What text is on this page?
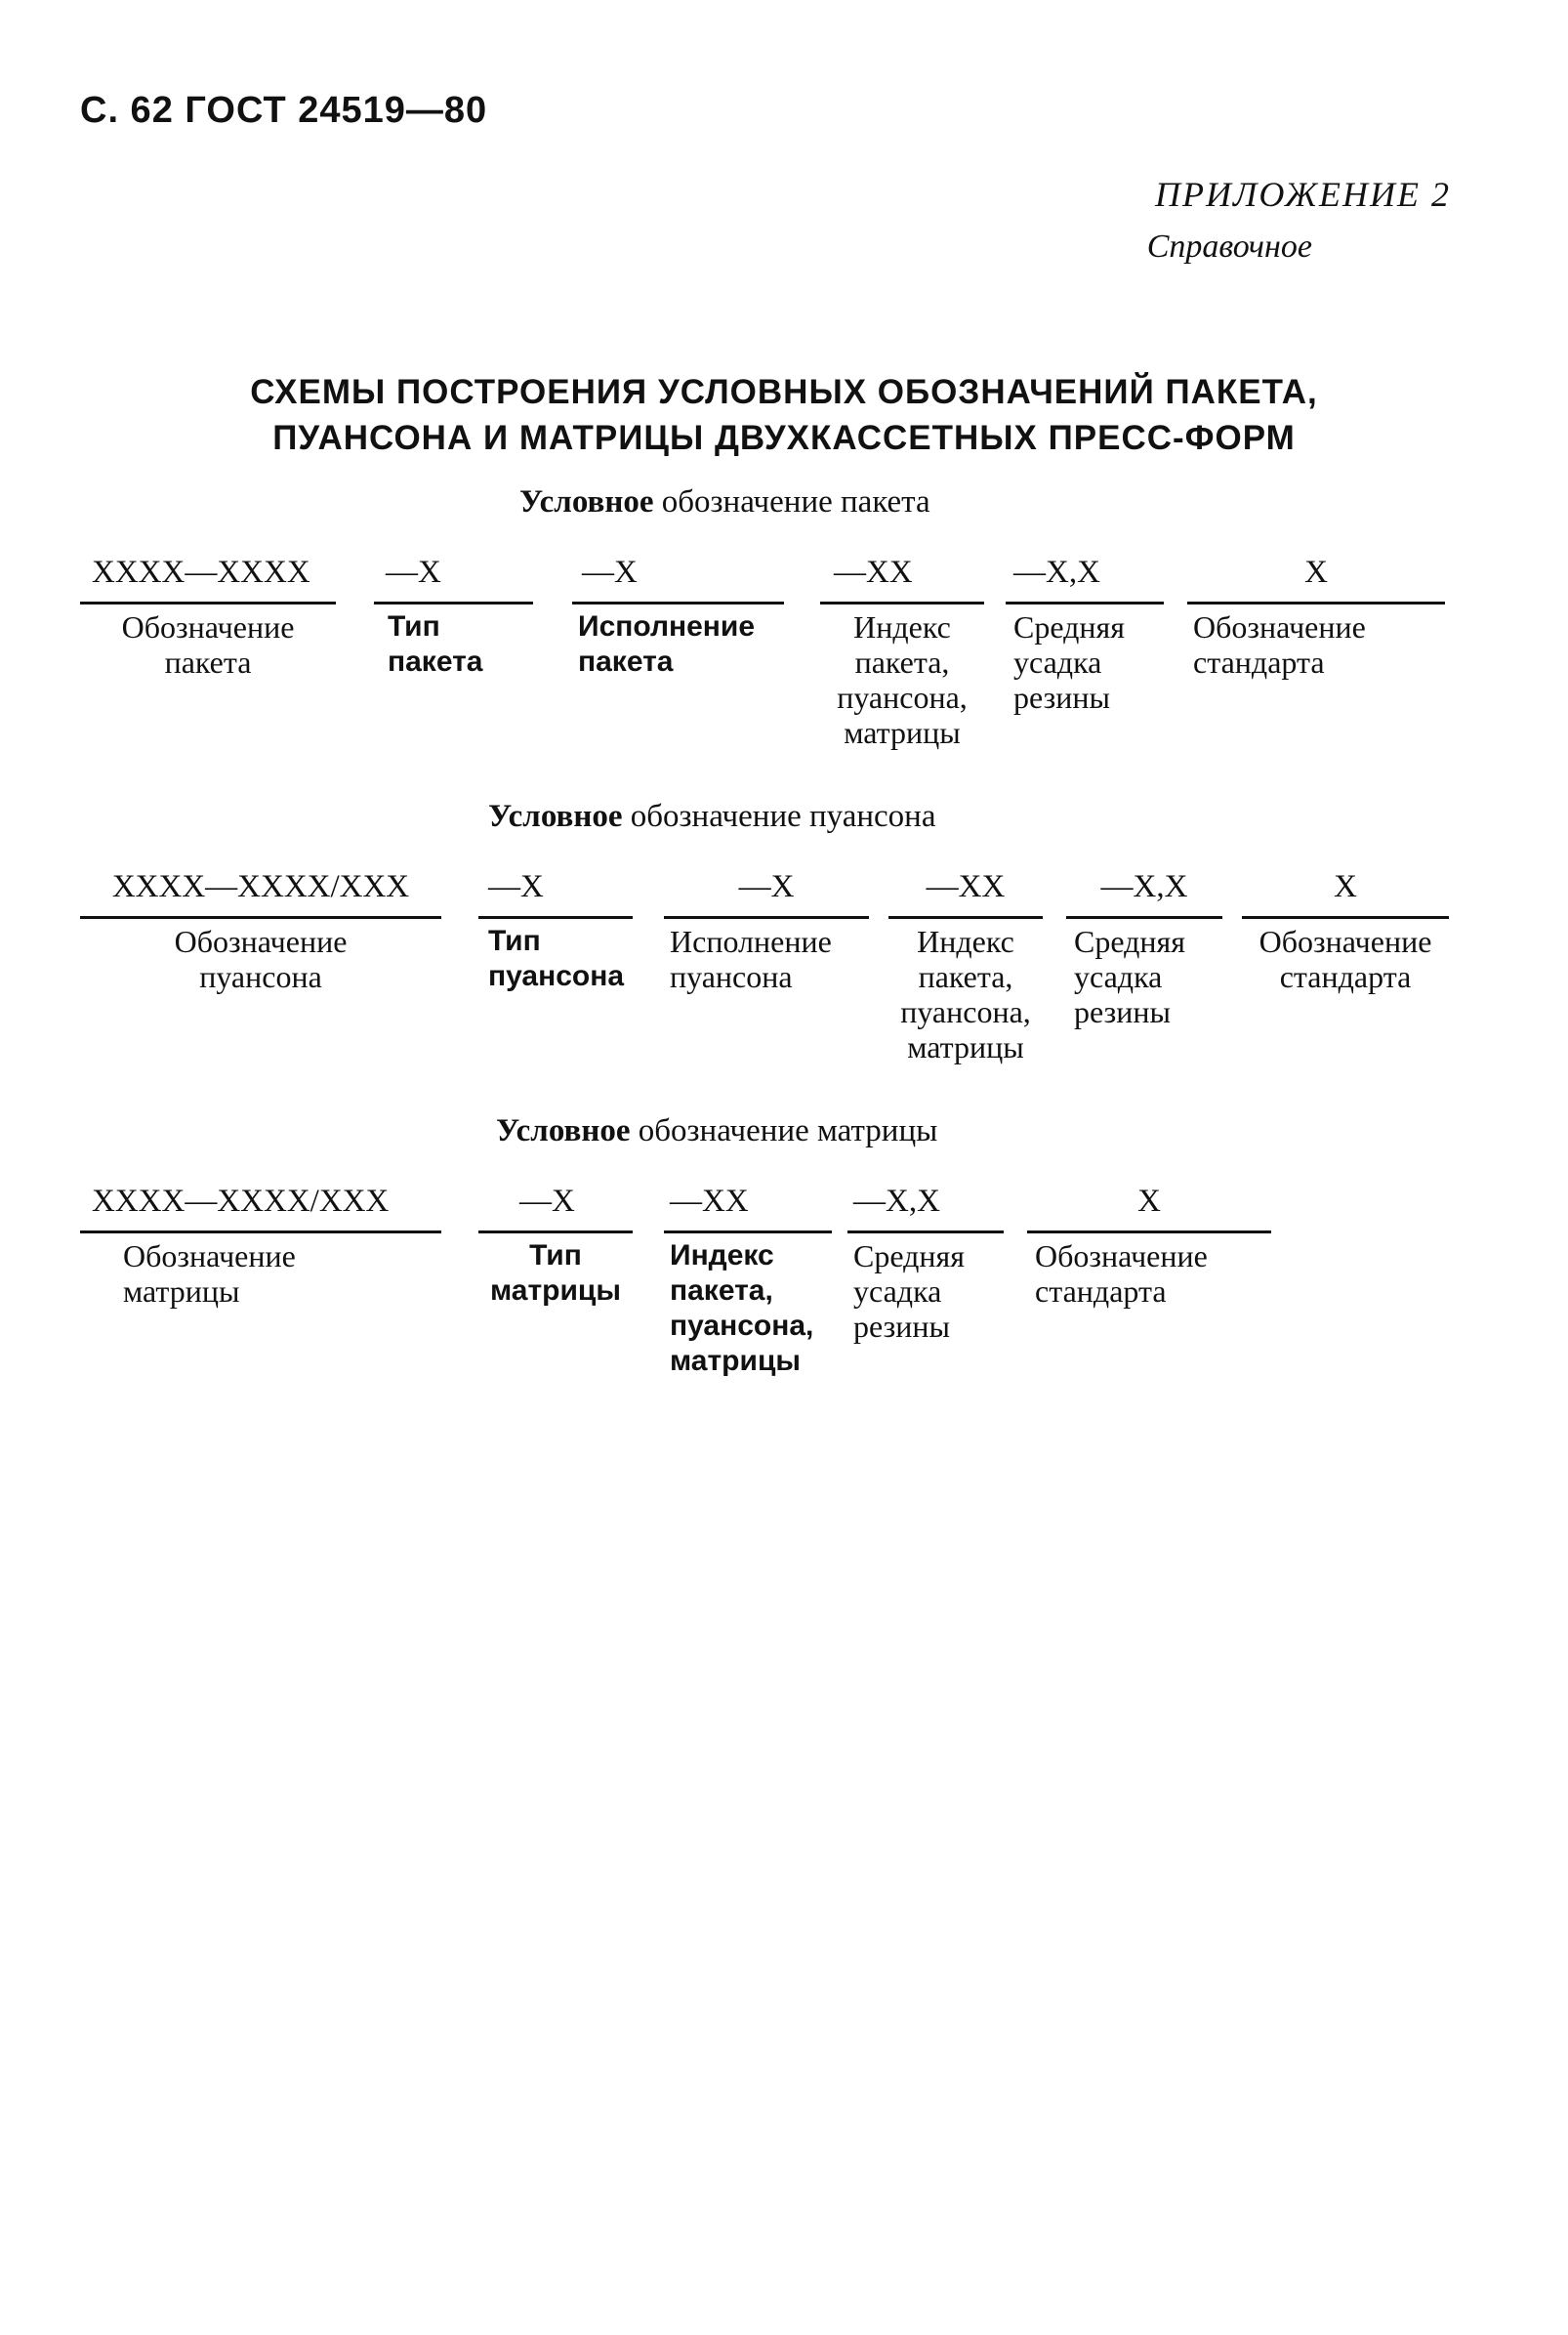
С. 62 ГОСТ 24519—80
ПРИЛОЖЕНИЕ 2
Справочное
СХЕМЫ ПОСТРОЕНИЯ УСЛОВНЫХ ОБОЗНАЧЕНИЙ ПАКЕТА,
ПУАНСОНА И МАТРИЦЫ ДВУХКАССЕТНЫХ ПРЕСС-ФОРМ
Условное обозначение пакета
XXXX—XXXX
Обозначение
пакета
—X
Тип
пакета
—X
Исполнение
пакета
—XX
Индекс
пакета,
пуансона,
матрицы
—X,X
Средняя
усадка
резины
X
Обозначение
стандарта
Условное обозначение пуансона
XXXX—XXXX/XXX
Обозначение
пуансона
—X
Тип
пуансона
—X
Исполнение
пуансона
—XX
Индекс
пакета,
пуансона,
матрицы
—X,X
Средняя
усадка
резины
X
Обозначение
стандарта
Условное обозначение матрицы
XXXX—XXXX/XXX
Обозначение
матрицы
—X
Тип
матрицы
—XX
Индекс
пакета,
пуансона,
матрицы
—X,X
Средняя
усадка
резины
X
Обозначение
стандарта
